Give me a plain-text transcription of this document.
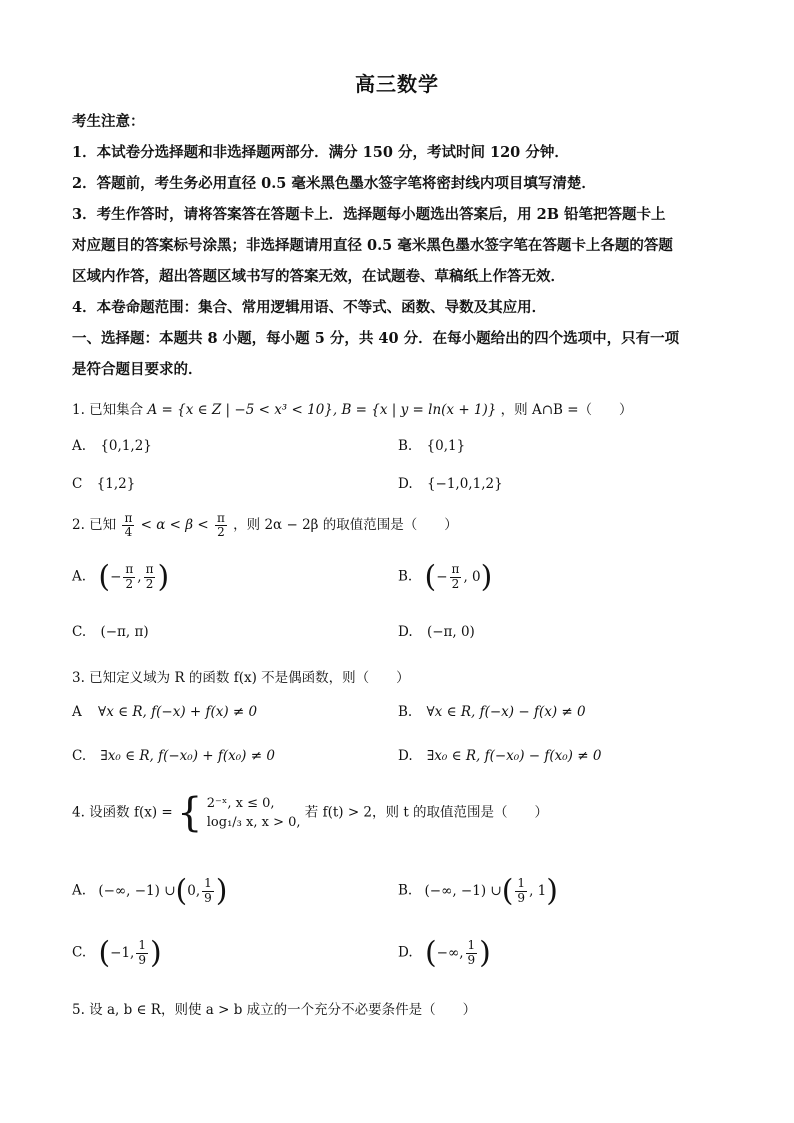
高三数学
考生注意：
1．本试卷分选择题和非选择题两部分．满分 150 分，考试时间 120 分钟．
2．答题前，考生务必用直径 0.5 毫米黑色墨水签字笔将密封线内项目填写清楚．
3．考生作答时，请将答案答在答题卡上．选择题每小题选出答案后，用 2B 铅笔把答题卡上
对应题目的答案标号涂黑；非选择题请用直径 0.5 毫米黑色墨水签字笔在答题卡上各题的答题
区域内作答，超出答题区域书写的答案无效，在试题卷、草稿纸上作答无效．
4．本卷命题范围：集合、常用逻辑用语、不等式、函数、导数及其应用．
一、选择题：本题共 8 小题，每小题 5 分，共 40 分．在每小题给出的四个选项中，只有一项
是符合题目要求的．
1. 已知集合 A = {x ∈ Z | −5 < x³ < 10}, B = {x | y = ln(x + 1)} ，则 A∩B =（　　）
A. {0,1,2}	B. {0,1}
C {1,2}	D. {−1,0,1,2}
2. 已知 $\frac{\pi}{4} < \alpha < \beta < \frac{\pi}{2}$ ，则 2α − 2β 的取值范围是（　　）
A. (− $\frac{\pi}{2}$ , $\frac{\pi}{2}$ )	B. (− $\frac{\pi}{2}$ , 0)
C. (−π, π)	D. (−π, 0)
3. 已知定义域为 R 的函数 f(x) 不是偶函数，则（　　）
A ∀x ∈ R, f(−x) + f(x) ≠ 0	B. ∀x ∈ R, f(−x) − f(x) ≠ 0
C. ∃x₀ ∈ R, f(−x₀) + f(x₀) ≠ 0	D. ∃x₀ ∈ R, f(−x₀) − f(x₀) ≠ 0
4. 设函数 f(x) = { 2⁻ˣ, x ≤ 0,
log₁/₃ x, x > 0,
若 f(t) > 2，则 t 的取值范围是（　　）
A. (−∞, −1) ∪(0, $\frac{1}{9}$ )	B. (−∞, −1) ∪( $\frac{1}{9}$ , 1)
C. (−1, $\frac{1}{9}$ )	D. (−∞, $\frac{1}{9}$ )
5. 设 a, b ∈ R，则使 a > b 成立的一个充分不必要条件是（　　）
